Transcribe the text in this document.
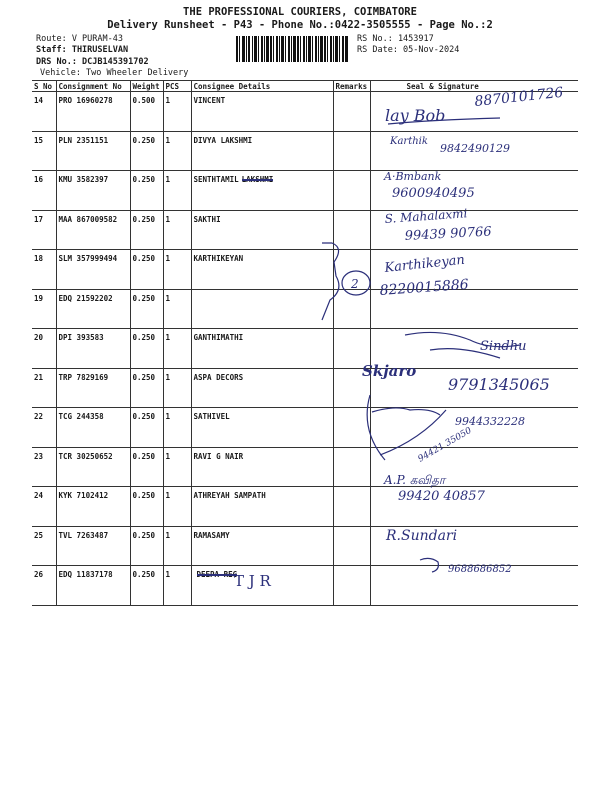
THE PROFESSIONAL COURIERS, COIMBATORE
Delivery Runsheet - P43 - Phone No.:0422-3505555 - Page No.:2
Route: V PURAM-43
Staff: THIRUSELVAN
DRS No.: DCJB145391702
Vehicle: Two Wheeler Delivery
RS No.: 1453917
RS Date: 05-Nov-2024
S No	Consignment No	Weight	PCS	Consignee Details	Remarks	Seal & Signature
14	PRO 16960278	0.500	1	VINCENT		
15	PLN 2351151	0.250	1	DIVYA LAKSHMI		
16	KMU 3582397	0.250	1	SENTHTAMIL LAKSHMI		
17	MAA 867009582	0.250	1	SAKTHI		
18	SLM 357999494	0.250	1	KARTHIKEYAN		
19	EDQ 21592202	0.250	1			
20	DPI 393583	0.250	1	GANTHIMATHI		
21	TRP 7829169	0.250	1	ASPA DECORS		
22	TCG 244358	0.250	1	SATHIVEL		
23	TCR 30250652	0.250	1	RAVI G NAIR		
24	KYK 7102412	0.250	1	ATHREYAH SAMPATH		
25	TVL 7263487	0.250	1	RAMASAMY		
26	EDQ 11837178	0.250	1	DEEPA REG		
lay Bob
8870101726
Karthik
9842490129
A·Bmbank
9600940495
S. Mahalaxmi
99439 90766
Karthikeyan
8220015886
2
Sindhu
Skjaro
9791345065
9944332228
94421 35050
A.P. கவிதா
99420 40857
R.Sundari
9688686852
T J R
